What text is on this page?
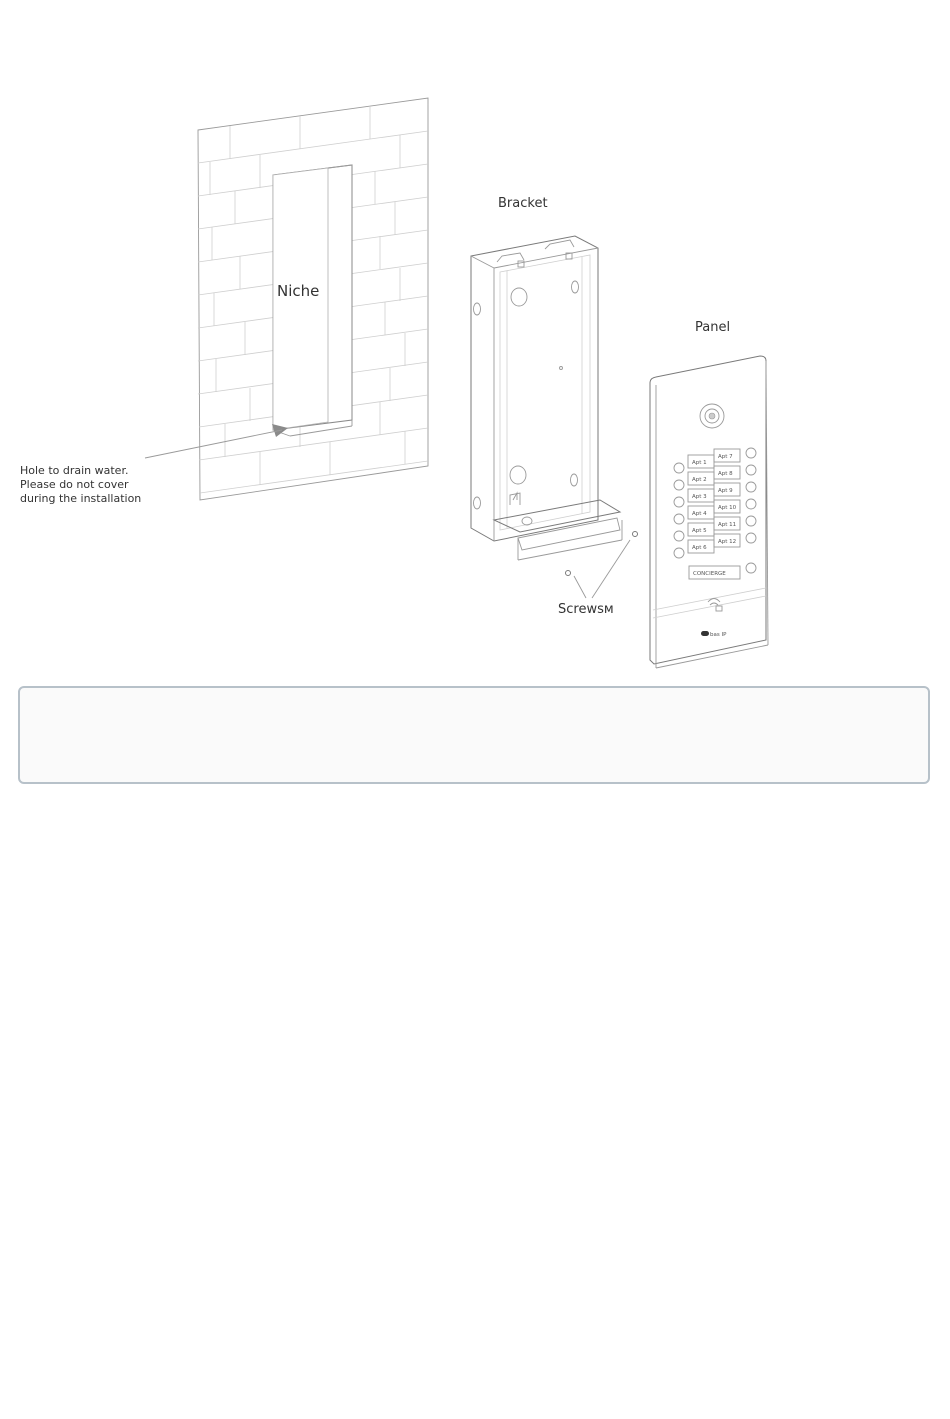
Niche
Hole to drain water.
Please do not cover
during the installation
Bracket
Screwsм
Panel
Apt 1
Apt 2
Apt 3
Apt 4
Apt 5
Apt 6
Apt 7
Apt 8
Apt 9
Apt 10
Apt 11
Apt 12
CONCIERGE
bas IP
